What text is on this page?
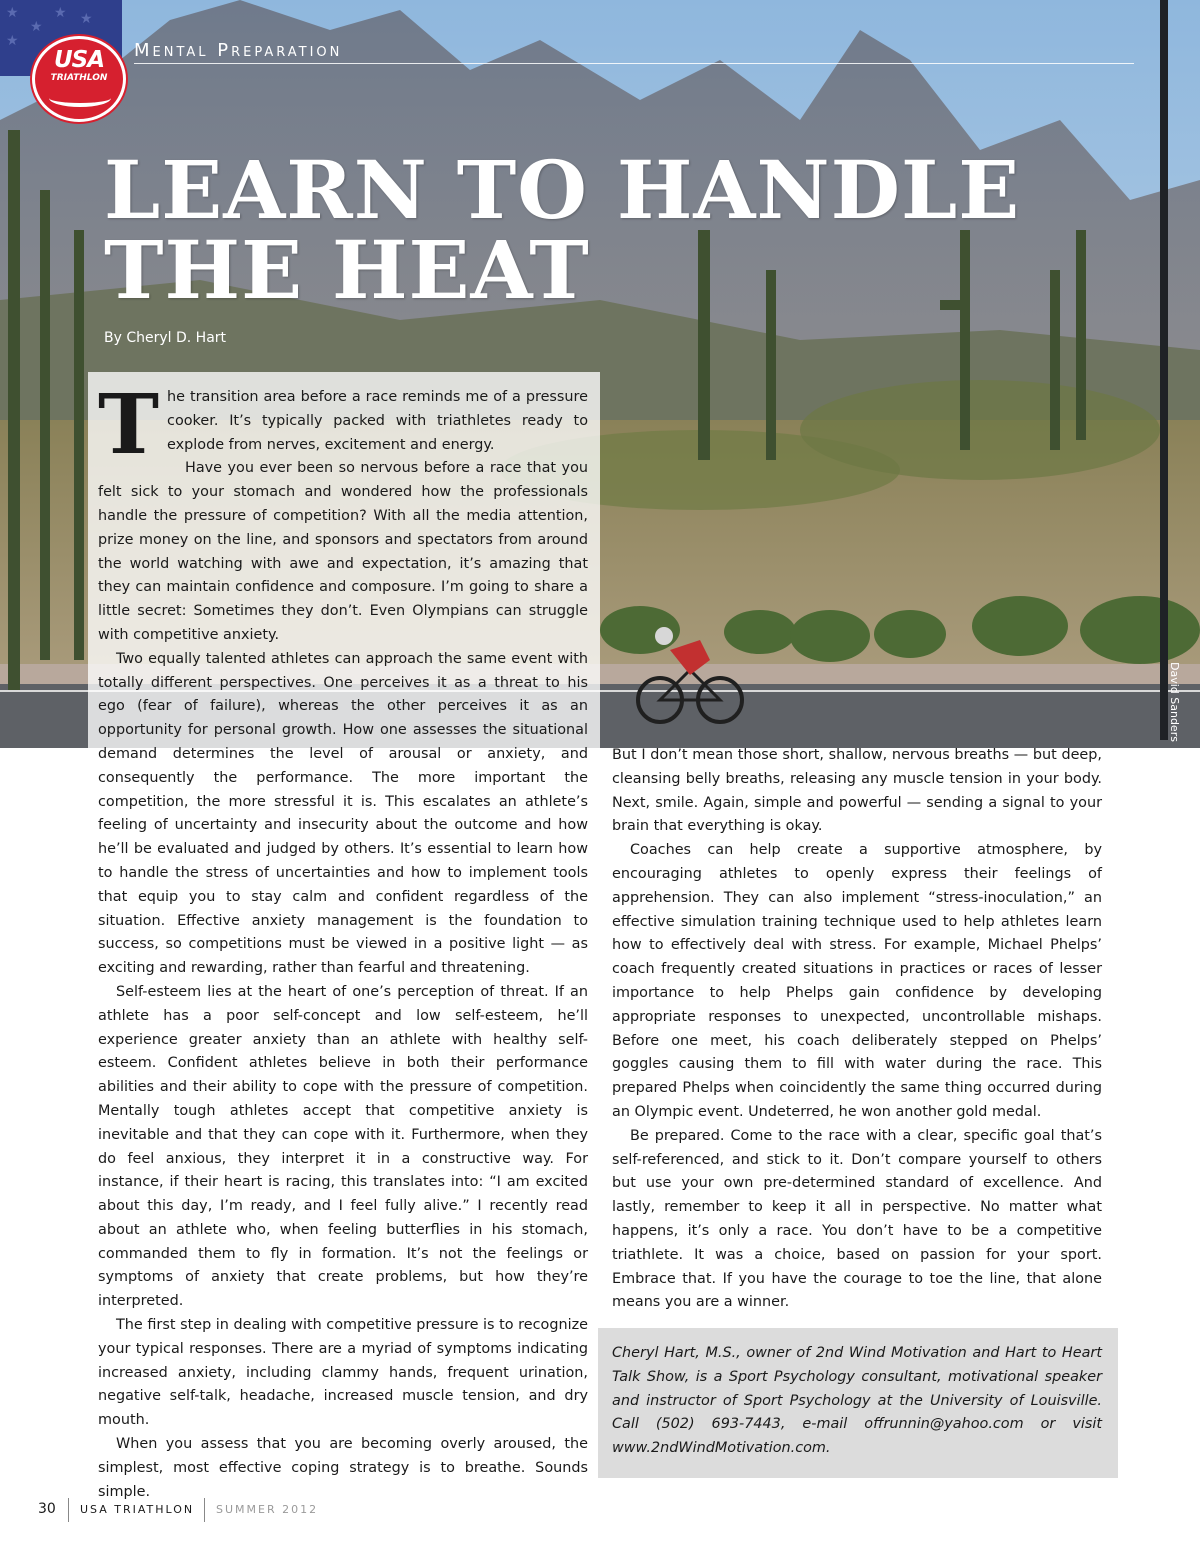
★
★
★
★ ★
USA
TRIATHLON
Mental Preparation
LEARN TO HANDLE
THE HEAT
By Cheryl D. Hart
David Sanders

The transition area before a race reminds me of a pressure cooker. It’s typically packed with triathletes ready to explode from nerves, excitement and energy.

Have you ever been so nervous before a race that you felt sick to your stomach and wondered how the professionals handle the pressure of competition? With all the media attention, prize money on the line, and sponsors and spectators from around the world watching with awe and expectation, it’s amazing that they can maintain confidence and composure. I’m going to share a little secret: Sometimes they don’t. Even Olympians can struggle with competitive anxiety.

Two equally talented athletes can approach the same event with totally different perspectives. One perceives it as a threat to his ego (fear of failure), whereas the other perceives it as an opportunity for personal growth. How one assesses the situational demand determines the level of arousal or anxiety, and consequently the performance. The more important the competition, the more stressful it is. This escalates an athlete’s feeling of uncertainty and insecurity about the outcome and how he’ll be evaluated and judged by others. It’s essential to learn how to handle the stress of uncertainties and how to implement tools that equip you to stay calm and confident regardless of the situation. Effective anxiety management is the foundation to success, so competitions must be viewed in a positive light — as exciting and rewarding, rather than fearful and threatening.

Self-esteem lies at the heart of one’s perception of threat. If an athlete has a poor self-concept and low self-esteem, he’ll experience greater anxiety than an athlete with healthy self-esteem. Confident athletes believe in both their performance abilities and their ability to cope with the pressure of competition. Mentally tough athletes accept that competitive anxiety is inevitable and that they can cope with it. Furthermore, when they do feel anxious, they interpret it in a constructive way. For instance, if their heart is racing, this translates into: “I am excited about this day, I’m ready, and I feel fully alive.” I recently read about an athlete who, when feeling butterflies in his stomach, commanded them to fly in formation. It’s not the feelings or symptoms of anxiety that create problems, but how they’re interpreted.

The first step in dealing with competitive pressure is to recognize your typical responses. There are a myriad of symptoms indicating increased anxiety, including clammy hands, frequent urination, negative self-talk, headache, increased muscle tension, and dry mouth.

When you assess that you are becoming overly aroused, the simplest, most effective coping strategy is to breathe. Sounds simple.

But I don’t mean those short, shallow, nervous breaths — but deep, cleansing belly breaths, releasing any muscle tension in your body. Next, smile. Again, simple and powerful — sending a signal to your brain that everything is okay.

Coaches can help create a supportive atmosphere, by encouraging athletes to openly express their feelings of apprehension. They can also implement “stress-inoculation,” an effective simulation training technique used to help athletes learn how to effectively deal with stress. For example, Michael Phelps’ coach frequently created situations in practices or races of lesser importance to help Phelps gain confidence by developing appropriate responses to unexpected, uncontrollable mishaps. Before one meet, his coach deliberately stepped on Phelps’ goggles causing them to fill with water during the race. This prepared Phelps when coincidently the same thing occurred during an Olympic event. Undeterred, he won another gold medal.

Be prepared. Come to the race with a clear, specific goal that’s self-referenced, and stick to it. Don’t compare yourself to others but use your own pre-determined standard of excellence. And lastly, remember to keep it all in perspective. No matter what happens, it’s only a race. You don’t have to be a competitive triathlete. It was a choice, based on passion for your sport. Embrace that. If you have the courage to toe the line, that alone means you are a winner.

Cheryl Hart, M.S., owner of 2nd Wind Motivation and Hart to Heart Talk Show, is a Sport Psychology consultant, motivational speaker and instructor of Sport Psychology at the University of Louisville. Call (502) 693-7443, e-mail offrunnin@yahoo.com or visit www.2ndWindMotivation.com.

30 USA TRIATHLON SUMMER 2012
